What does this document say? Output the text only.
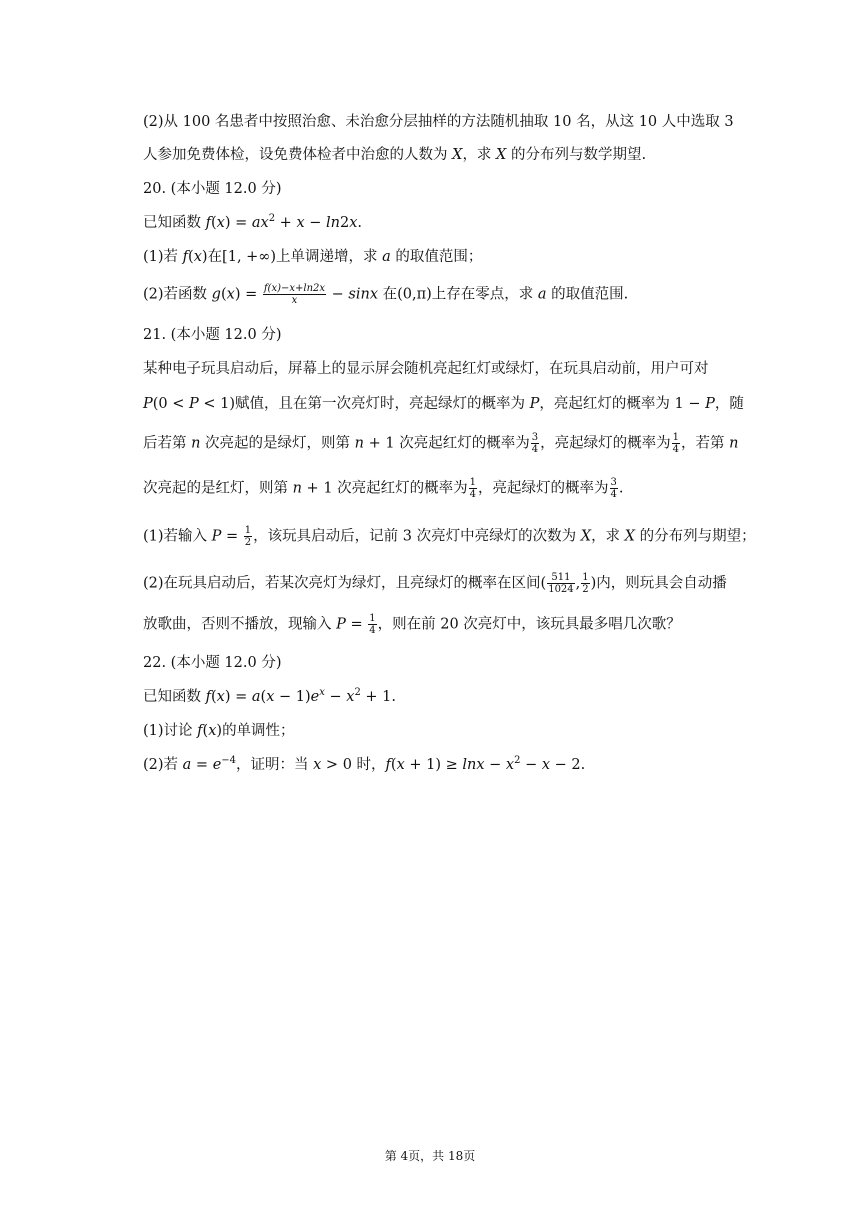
(2)从 100 名患者中按照治愈、未治愈分层抽样的方法随机抽取 10 名，从这 10 人中选取 3
人参加免费体检，设免费体检者中治愈的人数为 X，求 X 的分布列与数学期望.
20. (本小题 12.0 分)
已知函数 $f(x) = ax^2 + x - \ln 2x$.
(1)若 f(x)在[1, +∞)上单调递增，求 a 的取值范围；
(2)若函数 $g(x) = \frac{f(x)-x+\ln 2x}{x} - \sin x$ 在(0,π)上存在零点，求 a 的取值范围.
21. (本小题 12.0 分)
某种电子玩具启动后，屏幕上的显示屏会随机亮起红灯或绿灯，在玩具启动前，用户可对
P(0 < P < 1)赋值，且在第一次亮灯时，亮起绿灯的概率为 P，亮起红灯的概率为 1 − P，随
后若第 n 次亮起的是绿灯，则第 n + 1 次亮起红灯的概率为 $\frac{3}{4}$ ，亮起绿灯的概率为 $\frac{1}{4}$ ，若第 n
次亮起的是红灯，则第 n + 1 次亮起红灯的概率为 $\frac{1}{4}$ ，亮起绿灯的概率为 $\frac{3}{4}$ .
(1)若输入 $P = \frac{1}{2}$ ，该玩具启动后，记前 3 次亮灯中亮绿灯的次数为 X，求 X 的分布列与期望；
(2)在玩具启动后，若某次亮灯为绿灯，且亮绿灯的概率在区间( $\frac{511}{1024}$ , $\frac{1}{2}$ )内，则玩具会自动播
放歌曲，否则不播放，现输入 $P = \frac{1}{4}$ ，则在前 20 次亮灯中，该玩具最多唱几次歌？
22. (本小题 12.0 分)
已知函数 $f(x) = a(x - 1)e^x - x^2 + 1$.
(1)讨论 f(x)的单调性；
(2)若 $a = e^{-4}$，证明：当 x > 0 时，$f(x + 1) \ge \ln x - x^2 - x - 2$.
第 4页，共 18页
